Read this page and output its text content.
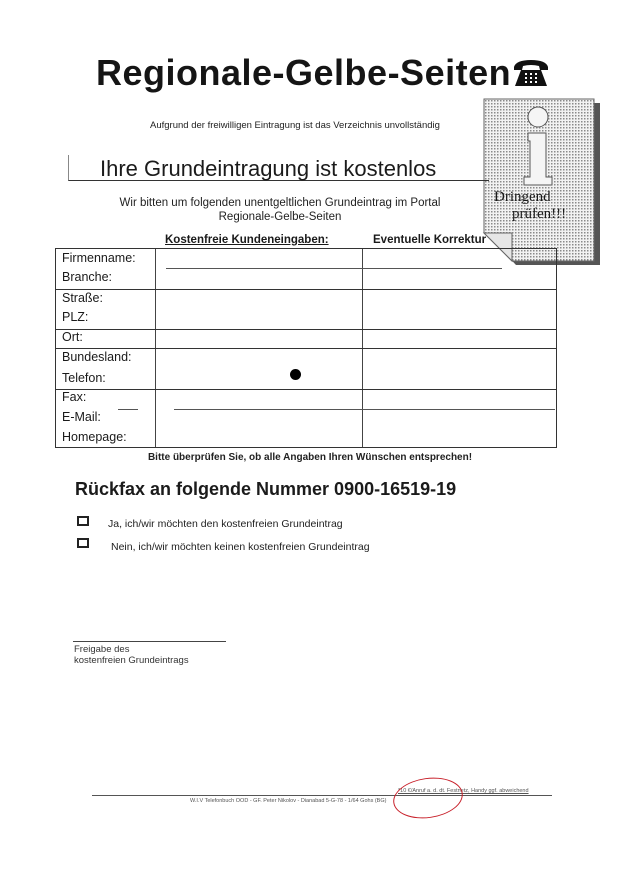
Regionale-Gelbe-Seiten
Aufgrund der freiwilligen Eintragung ist das Verzeichnis unvollständig
Dringend
prüfen!!!
Ihre Grundeintragung ist kostenlos
Wir bitten um folgenden unentgeltlichen Grundeintrag im Portal
Regionale-Gelbe-Seiten
Kostenfreie Kundeneingaben:	Eventuelle Korrektur
Firmenname:
Branche:
Straße:
PLZ:
Ort:
Bundesland:
Telefon:
Fax:
E-Mail:
Homepage:
Bitte überprüfen Sie, ob alle Angaben Ihren Wünschen entsprechen!
Rückfax an folgende Nummer 0900-16519-19
Ja, ich/wir möchten den kostenfreien Grundeintrag
Nein, ich/wir möchten keinen kostenfreien Grundeintrag
Freigabe des
kostenfreien Grundeintrags
*10 €/Anruf a. d. dt. Festnetz, Handy ggf. abweichend
W.I.V Telefonbuch OOD - GF. Peter Nikolov - Dianabad 5-G-78 - 1/64 Gohs (BG)
